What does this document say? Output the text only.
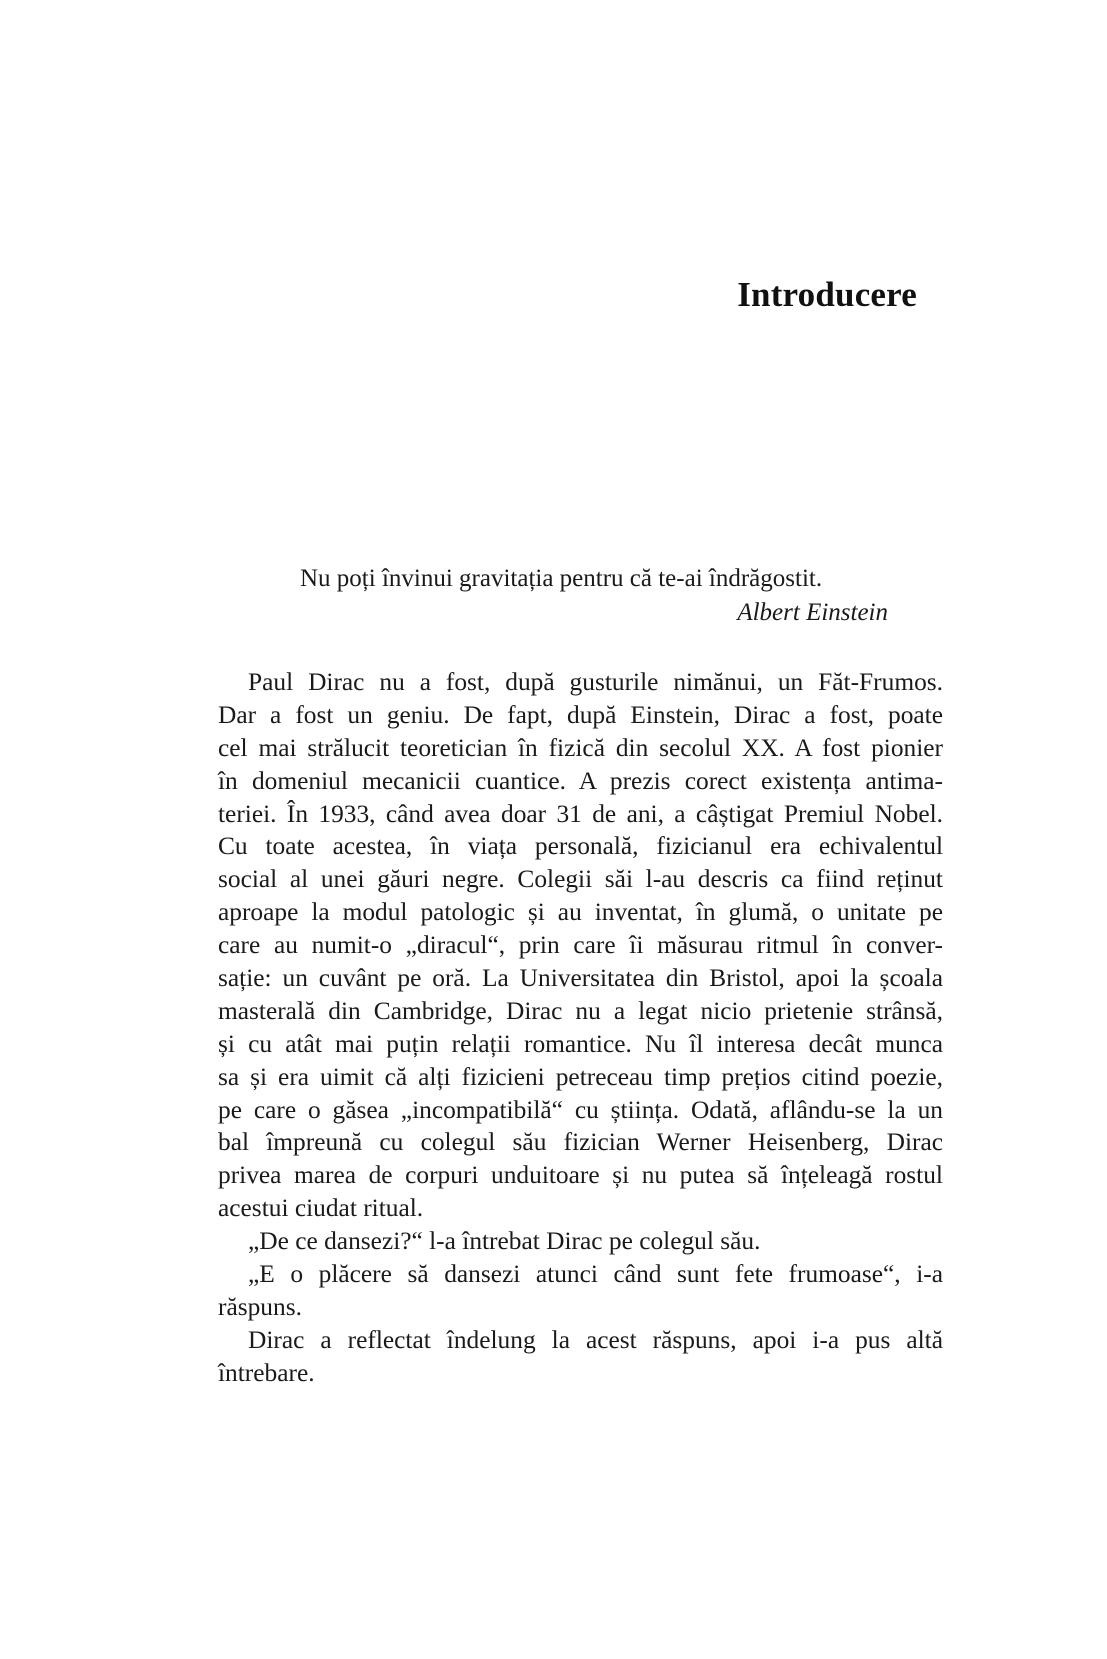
Introducere
Nu poți învinui gravitația pentru că te-ai îndrăgostit.
Albert Einstein
Paul Dirac nu a fost, după gusturile nimănui, un Făt-Frumos.
Dar a fost un geniu. De fapt, după Einstein, Dirac a fost, poate
cel mai strălucit teoretician în fizică din secolul XX. A fost pionier
în domeniul mecanicii cuantice. A prezis corect existența antima-
teriei. În 1933, când avea doar 31 de ani, a câștigat Premiul Nobel.
Cu toate acestea, în viața personală, fizicianul era echivalentul
social al unei găuri negre. Colegii săi l-au descris ca fiind reținut
aproape la modul patologic și au inventat, în glumă, o unitate pe
care au numit-o „diracul“, prin care îi măsurau ritmul în conver-
sație: un cuvânt pe oră. La Universitatea din Bristol, apoi la școala
masterală din Cambridge, Dirac nu a legat nicio prietenie strânsă,
și cu atât mai puțin relații romantice. Nu îl interesa decât munca
sa și era uimit că alți fizicieni petreceau timp prețios citind poezie,
pe care o găsea „incompatibilă“ cu știința. Odată, aflându-se la un
bal împreună cu colegul său fizician Werner Heisenberg, Dirac
privea marea de corpuri unduitoare și nu putea să înțeleagă rostul
acestui ciudat ritual.
„De ce dansezi?“ l-a întrebat Dirac pe colegul său.
„E o plăcere să dansezi atunci când sunt fete frumoase“, i-a
răspuns.
Dirac a reflectat îndelung la acest răspuns, apoi i-a pus altă
întrebare.
